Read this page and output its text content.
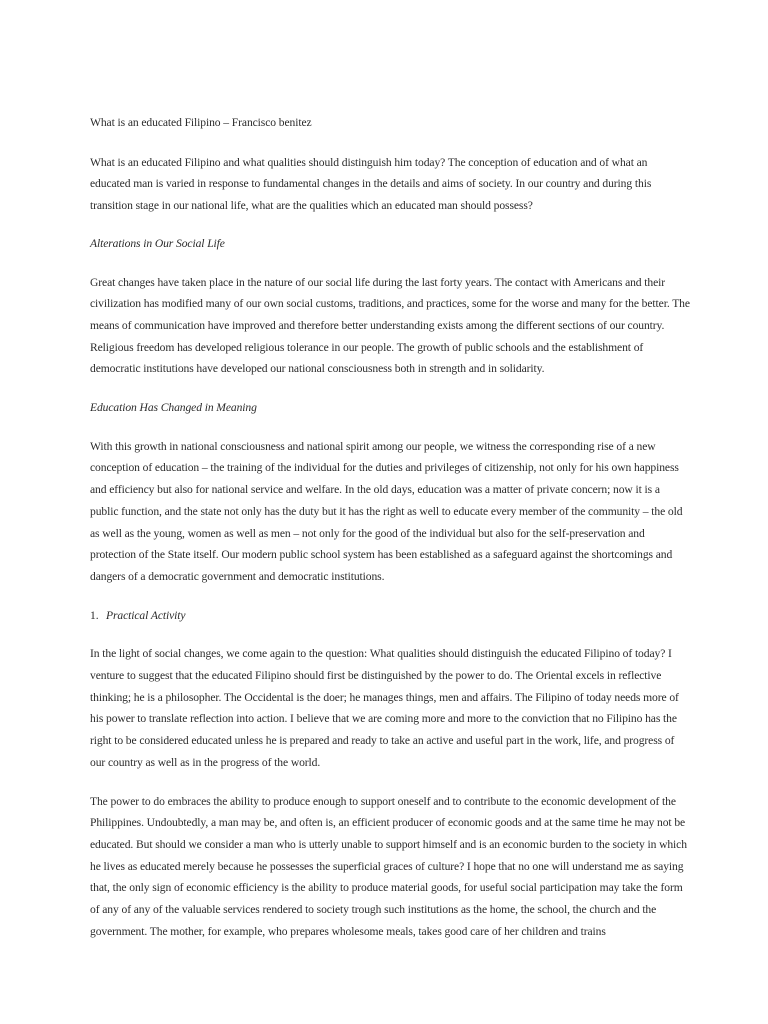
What is an educated Filipino – Francisco benitez

What is an educated Filipino and what qualities should distinguish him today? The conception of education and of what an educated man is varied in response to fundamental changes in the details and aims of society. In our country and during this transition stage in our national life, what are the qualities which an educated man should possess?

Alterations in Our Social Life

Great changes have taken place in the nature of our social life during the last forty years. The contact with Americans and their civilization has modified many of our own social customs, traditions, and practices, some for the worse and many for the better. The means of communication have improved and therefore better understanding exists among the different sections of our country. Religious freedom has developed religious tolerance in our people. The growth of public schools and the establishment of democratic institutions have developed our national consciousness both in strength and in solidarity.

Education Has Changed in Meaning

With this growth in national consciousness and national spirit among our people, we witness the corresponding rise of a new conception of education – the training of the individual for the duties and privileges of citizenship, not only for his own happiness and efficiency but also for national service and welfare. In the old days, education was a matter of private concern; now it is a public function, and the state not only has the duty but it has the right as well to educate every member of the community – the old as well as the young, women as well as men – not only for the good of the individual but also for the self-preservation and protection of the State itself. Our modern public school system has been established as a safeguard against the shortcomings and dangers of a democratic government and democratic institutions.

1. Practical Activity

In the light of social changes, we come again to the question: What qualities should distinguish the educated Filipino of today? I venture to suggest that the educated Filipino should first be distinguished by the power to do. The Oriental excels in reflective thinking; he is a philosopher. The Occidental is the doer; he manages things, men and affairs. The Filipino of today needs more of his power to translate reflection into action. I believe that we are coming more and more to the conviction that no Filipino has the right to be considered educated unless he is prepared and ready to take an active and useful part in the work, life, and progress of our country as well as in the progress of the world.

The power to do embraces the ability to produce enough to support oneself and to contribute to the economic development of the Philippines. Undoubtedly, a man may be, and often is, an efficient producer of economic goods and at the same time he may not be educated. But should we consider a man who is utterly unable to support himself and is an economic burden to the society in which he lives as educated merely because he possesses the superficial graces of culture? I hope that no one will understand me as saying that, the only sign of economic efficiency is the ability to produce material goods, for useful social participation may take the form of any of any of the valuable services rendered to society trough such institutions as the home, the school, the church and the government. The mother, for example, who prepares wholesome meals, takes good care of her children and trains
